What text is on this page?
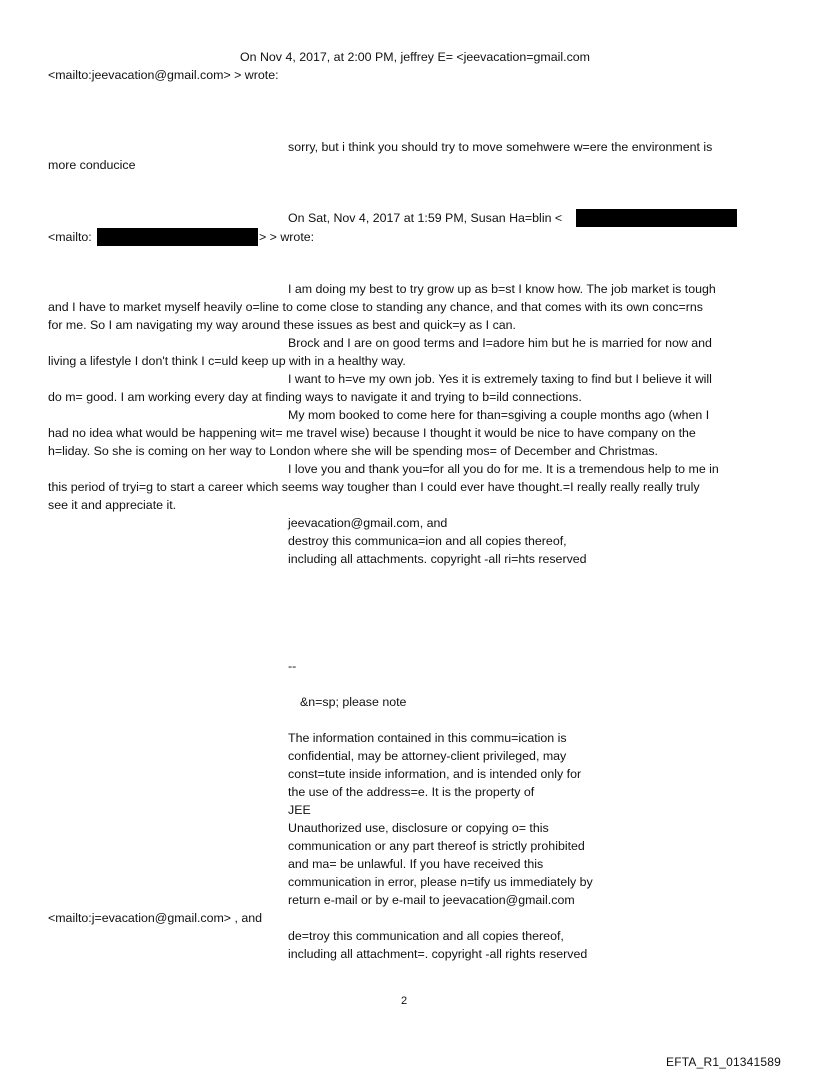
On Nov 4, 2017, at 2:00 PM, jeffrey E= <jeevacation=gmail.com
<mailto:jeevacation@gmail.com> > wrote:
sorry, but i think you should try to move somehwere w=ere the environment is
more conducice
On Sat, Nov 4, 2017 at 1:59 PM, Susan Ha=blin <
<mailto:	> > wrote:
I am doing my best to try grow up as b=st I know how. The job market is tough
and I have to market myself heavily o=line to come close to standing any chance, and that comes with its own conc=rns
for me. So I am navigating my way around these issues as best and quick=y as I can.
Brock and I are on good terms and I=adore him but he is married for now and
living a lifestyle I don't think I c=uld keep up with in a healthy way.
I want to h=ve my own job. Yes it is extremely taxing to find but I believe it will
do m= good. I am working every day at finding ways to navigate it and trying to b=ild connections.
My mom booked to come here for than=sgiving a couple months ago (when I
had no idea what would be happening wit= me travel wise) because I thought it would be nice to have company on the
h=liday. So she is coming on her way to London where she will be spending mos= of December and Christmas.
I love you and thank you=for all you do for me. It is a tremendous help to me in
this period of tryi=g to start a career which seems way tougher than I could ever have thought.=I really really really truly
see it and appreciate it.
jeevacation@gmail.com, and
destroy this communica=ion and all copies thereof,
including all attachments. copyright -all ri=hts reserved
--
&n=sp; please note
The information contained in this commu=ication is
confidential, may be attorney-client privileged, may
const=tute inside information, and is intended only for
the use of the address=e. It is the property of
JEE
Unauthorized use, disclosure or copying o= this
communication or any part thereof is strictly prohibited
and ma= be unlawful. If you have received this
communication in error, please n=tify us immediately by
return e-mail or by e-mail to jeevacation@gmail.com
<mailto:j=evacation@gmail.com> , and
de=troy this communication and all copies thereof,
including all attachment=. copyright -all rights reserved
2
EFTA_R1_01341589
